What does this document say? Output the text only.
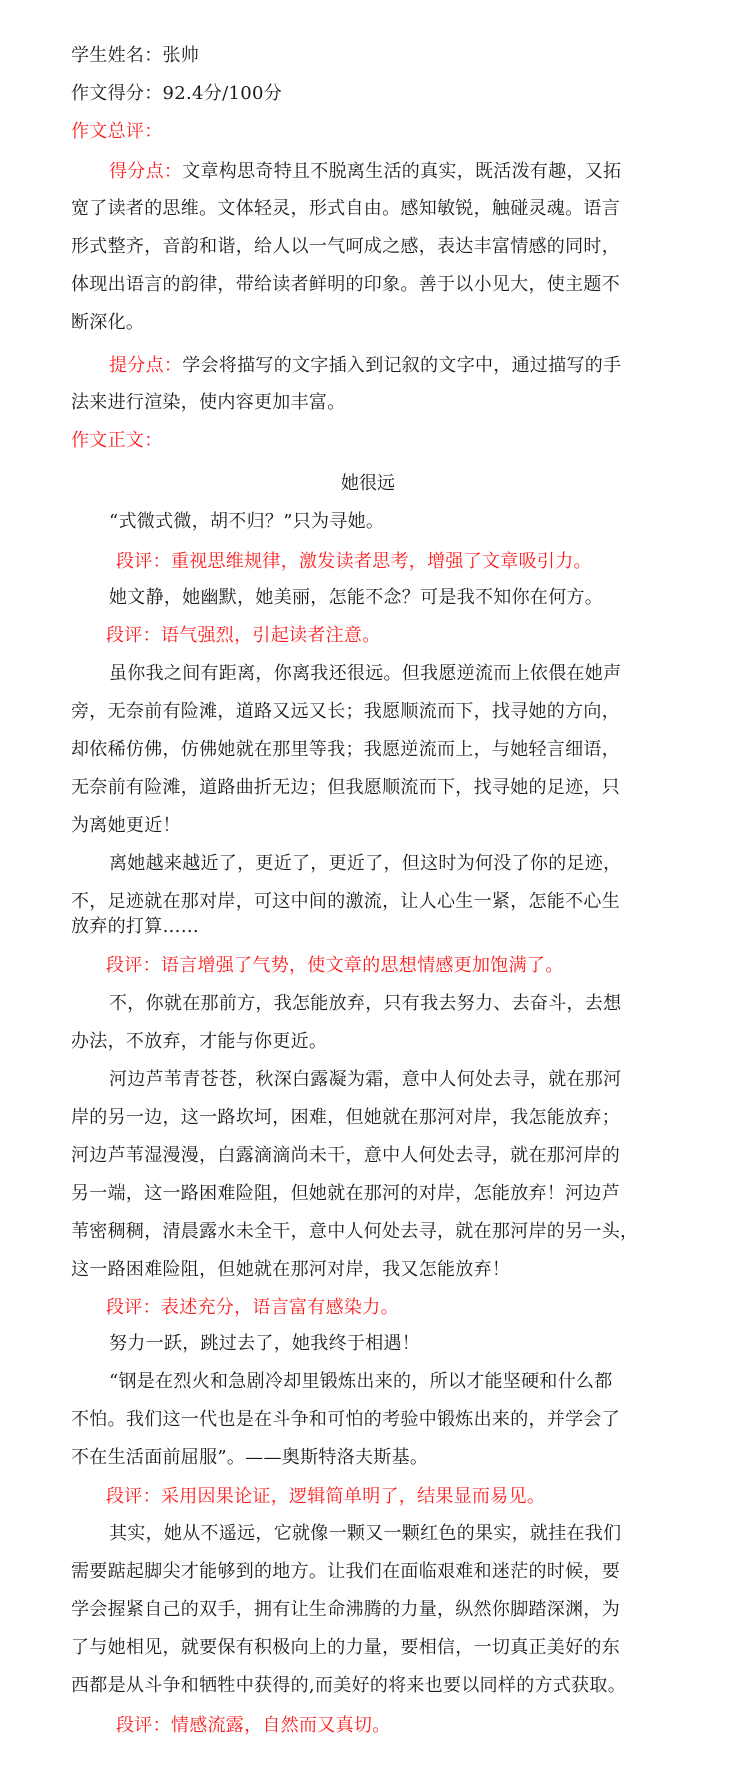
学生姓名：张帅
作文得分：92.4分/100分
作文总评：
得分点：文章构思奇特且不脱离生活的真实，既活泼有趣，又拓
宽了读者的思维。文体轻灵，形式自由。感知敏锐，触碰灵魂。语言
形式整齐，音韵和谐，给人以一气呵成之感，表达丰富情感的同时，
体现出语言的韵律，带给读者鲜明的印象。善于以小见大，使主题不
断深化。
提分点：学会将描写的文字插入到记叙的文字中，通过描写的手
法来进行渲染，使内容更加丰富。
作文正文：
她很远
“式微式微，胡不归？”只为寻她。
段评：重视思维规律，激发读者思考，增强了文章吸引力。
她文静，她幽默，她美丽，怎能不念？可是我不知你在何方。
段评：语气强烈，引起读者注意。
虽你我之间有距离，你离我还很远。但我愿逆流而上依偎在她声
旁，无奈前有险滩，道路又远又长；我愿顺流而下，找寻她的方向，
却依稀仿佛，仿佛她就在那里等我；我愿逆流而上，与她轻言细语，
无奈前有险滩，道路曲折无边；但我愿顺流而下，找寻她的足迹，只
为离她更近！
离她越来越近了，更近了，更近了，但这时为何没了你的足迹，
不，足迹就在那对岸，可这中间的激流，让人心生一紧，怎能不心生
放弃的打算……
段评：语言增强了气势，使文章的思想情感更加饱满了。
不，你就在那前方，我怎能放弃，只有我去努力、去奋斗，去想
办法，不放弃，才能与你更近。
河边芦苇青苍苍，秋深白露凝为霜，意中人何处去寻，就在那河
岸的另一边，这一路坎坷，困难，但她就在那河对岸，我怎能放弃；
河边芦苇湿漫漫，白露滴滴尚未干，意中人何处去寻，就在那河岸的
另一端，这一路困难险阻，但她就在那河的对岸，怎能放弃！河边芦
苇密稠稠，清晨露水未全干，意中人何处去寻，就在那河岸的另一头，
这一路困难险阻，但她就在那河对岸，我又怎能放弃！
段评：表述充分，语言富有感染力。
努力一跃，跳过去了，她我终于相遇！
“钢是在烈火和急剧冷却里锻炼出来的，所以才能坚硬和什么都
不怕。我们这一代也是在斗争和可怕的考验中锻炼出来的，并学会了
不在生活面前屈服”。——奥斯特洛夫斯基。
段评：采用因果论证，逻辑简单明了，结果显而易见。
其实，她从不遥远，它就像一颗又一颗红色的果实，就挂在我们
需要踮起脚尖才能够到的地方。让我们在面临艰难和迷茫的时候，要
学会握紧自己的双手，拥有让生命沸腾的力量，纵然你脚踏深渊，为
了与她相见，就要保有积极向上的力量，要相信，一切真正美好的东
西都是从斗争和牺牲中获得的,而美好的将来也要以同样的方式获取。
段评：情感流露，自然而又真切。
